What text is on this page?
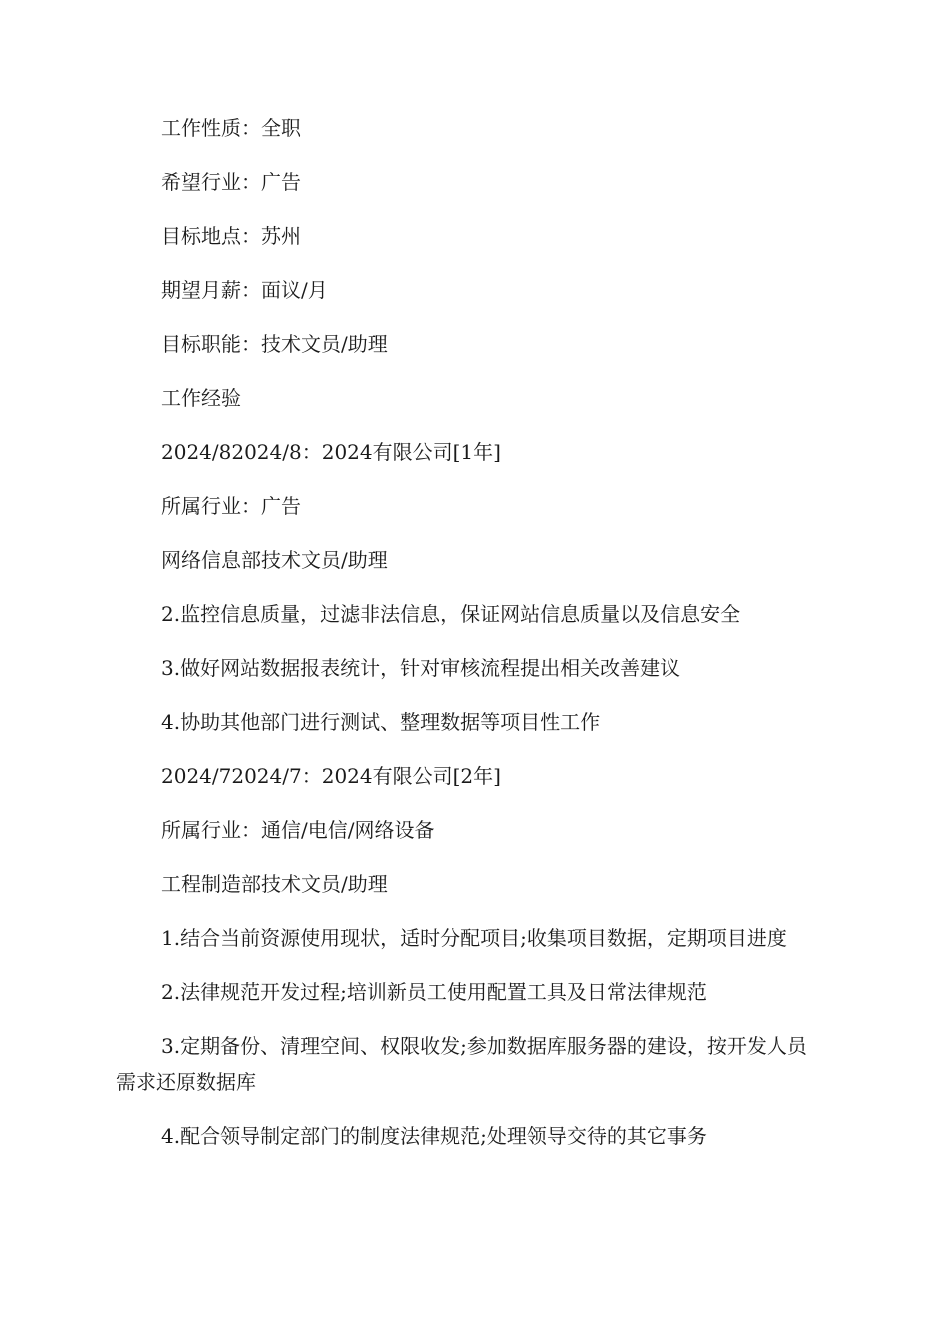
工作性质：全职

希望行业：广告

目标地点：苏州

期望月薪：面议/月

目标职能：技术文员/助理

工作经验

2024/82024/8：2024有限公司[1年]

所属行业：广告

网络信息部技术文员/助理

2.监控信息质量，过滤非法信息，保证网站信息质量以及信息安全

3.做好网站数据报表统计，针对审核流程提出相关改善建议

4.协助其他部门进行测试、整理数据等项目性工作

2024/72024/7：2024有限公司[2年]

所属行业：通信/电信/网络设备

工程制造部技术文员/助理

1.结合当前资源使用现状，适时分配项目;收集项目数据，定期项目进度

2.法律规范开发过程;培训新员工使用配置工具及日常法律规范

3.定期备份、清理空间、权限收发;参加数据库服务器的建设，按开发人员需求还原数据库

4.配合领导制定部门的制度法律规范;处理领导交待的其它事务
